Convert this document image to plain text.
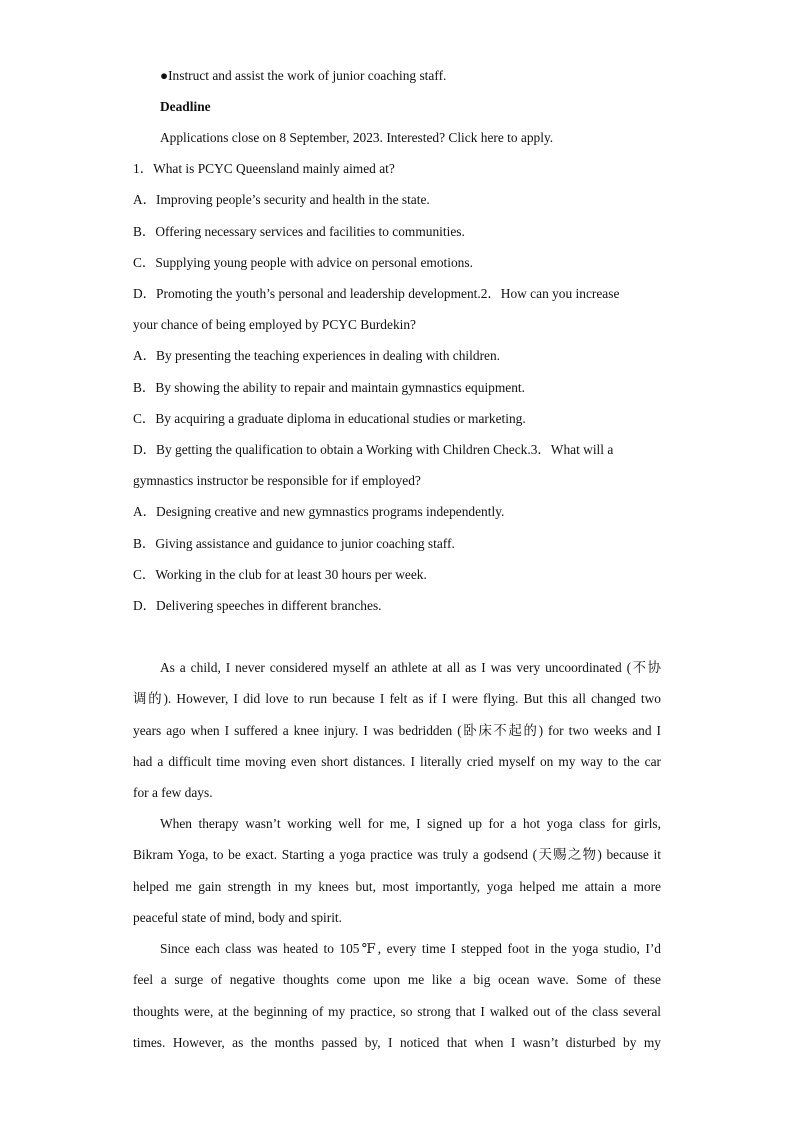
●Instruct and assist the work of junior coaching staff.
Deadline
Applications close on 8 September, 2023. Interested? Click here to apply.
1．What is PCYC Queensland mainly aimed at?
A．Improving people’s security and health in the state.
B．Offering necessary services and facilities to communities.
C．Supplying young people with advice on personal emotions.
D．Promoting the youth’s personal and leadership development.2．How can you increase
your chance of being employed by PCYC Burdekin?
A．By presenting the teaching experiences in dealing with children.
B．By showing the ability to repair and maintain gymnastics equipment.
C．By acquiring a graduate diploma in educational studies or marketing.
D．By getting the qualification to obtain a Working with Children Check.3．What will a
gymnastics instructor be responsible for if employed?
A．Designing creative and new gymnastics programs independently.
B．Giving assistance and guidance to junior coaching staff.
C．Working in the club for at least 30 hours per week.
D．Delivering speeches in different branches.
As a child, I never considered myself an athlete at all as I was very uncoordinated (不协
调的). However, I did love to run because I felt as if I were flying. But this all changed two
years ago when I suffered a knee injury. I was bedridden (卧床不起的) for two weeks and I
had a difficult time moving even short distances. I literally cried myself on my way to the car
for a few days.
When therapy wasn’t working well for me, I signed up for a hot yoga class for girls,
Bikram Yoga, to be exact. Starting a yoga practice was truly a godsend (天赐之物) because it
helped me gain strength in my knees but, most importantly, yoga helped me attain a more
peaceful state of mind, body and spirit.
Since each class was heated to 105℉, every time I stepped foot in the yoga studio, I’d
feel a surge of negative thoughts come upon me like a big ocean wave. Some of these
thoughts were, at the beginning of my practice, so strong that I walked out of the class several
times. However, as the months passed by, I noticed that when I wasn’t disturbed by my
